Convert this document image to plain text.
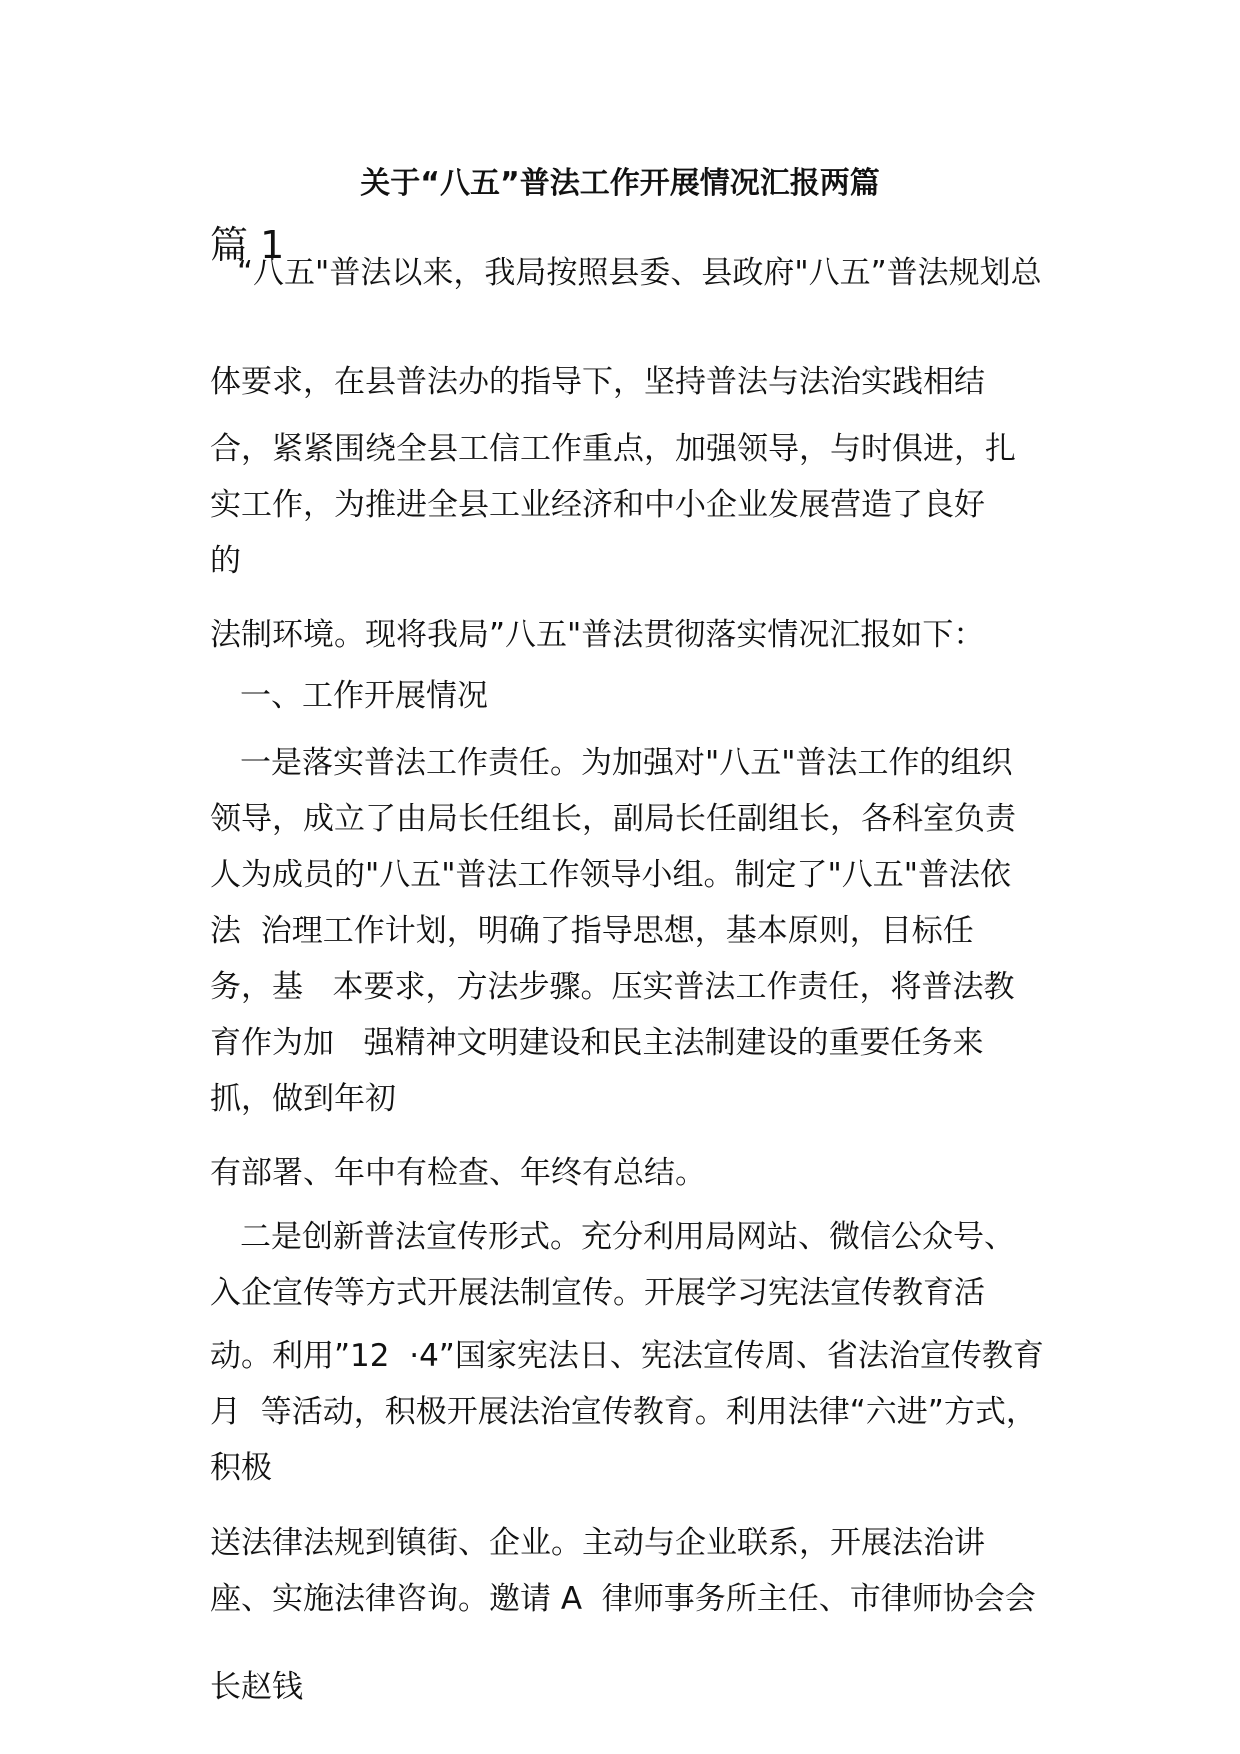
关于“八五”普法工作开展情况汇报两篇
篇 1
“八五"普法以来，我局按照县委、县政府"八五”普法规划总
体要求，在县普法办的指导下，坚持普法与法治实践相结
合，紧紧围绕全县工信工作重点，加强领导，与时俱进，扎
实工作，为推进全县工业经济和中小企业发展营造了良好
的
法制环境。现将我局”八五"普法贯彻落实情况汇报如下：
一、工作开展情况
一是落实普法工作责任。为加强对"八五"普法工作的组织
领导，成立了由局长任组长，副局长任副组长，各科室负责
人为成员的"八五"普法工作领导小组。制定了"八五"普法依
法  治理工作计划，明确了指导思想，基本原则，目标任
务，基   本要求，方法步骤。压实普法工作责任，将普法教
育作为加   强精神文明建设和民主法制建设的重要任务来
抓，做到年初
有部署、年中有检查、年终有总结。
二是创新普法宣传形式。充分利用局网站、微信公众号、
入企宣传等方式开展法制宣传。开展学习宪法宣传教育活
动。利用”12  ·4”国家宪法日、宪法宣传周、省法治宣传教育
月  等活动，积极开展法治宣传教育。利用法律“六进”方式，
积极
送法律法规到镇街、企业。主动与企业联系，开展法治讲
座、实施法律咨询。邀请 A  律师事务所主任、市律师协会会
长赵钱
